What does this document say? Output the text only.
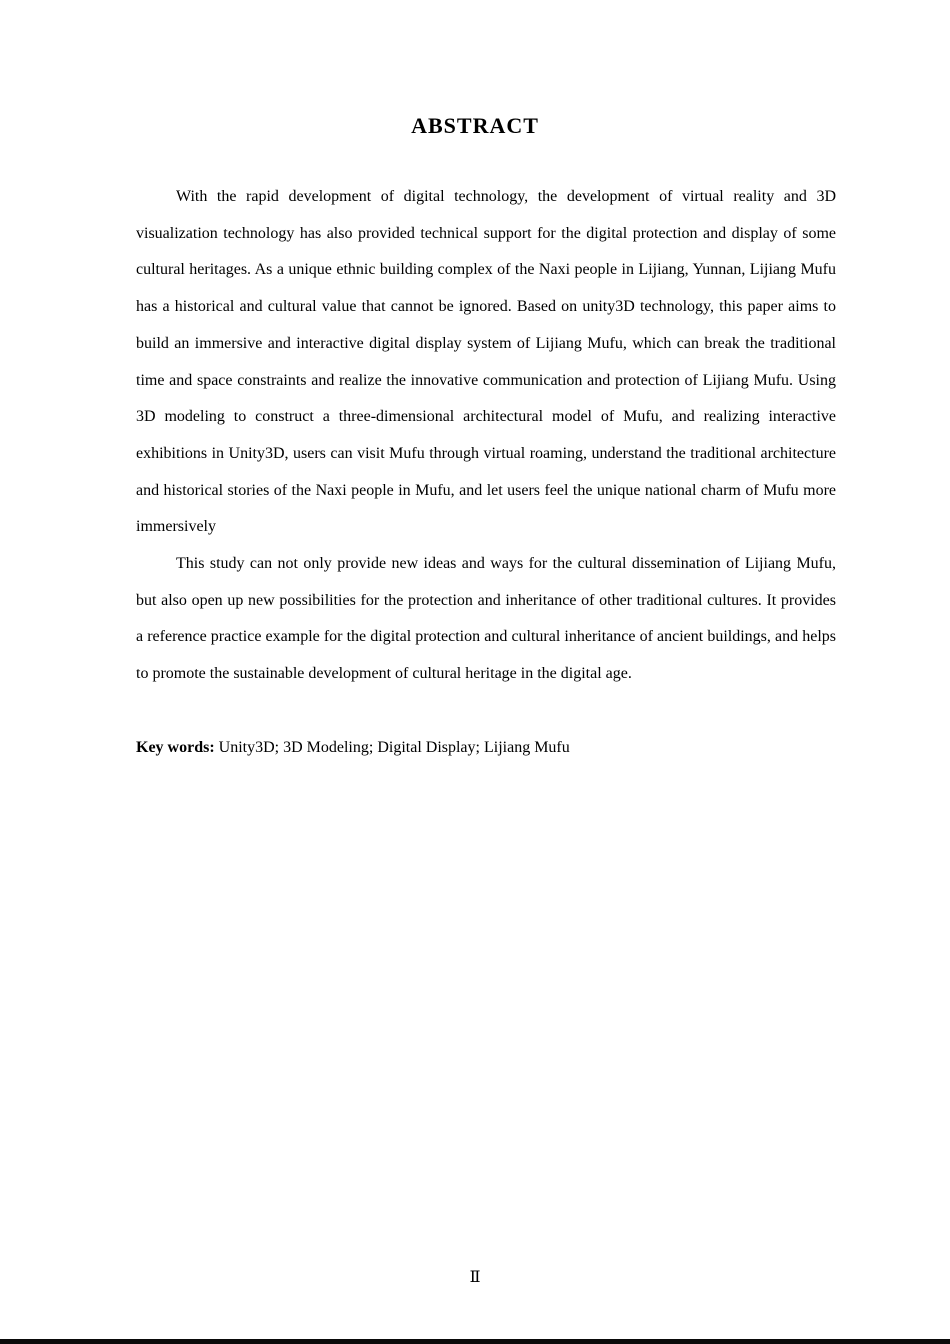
ABSTRACT

With the rapid development of digital technology, the development of virtual reality and 3D visualization technology has also provided technical support for the digital protection and display of some cultural heritages. As a unique ethnic building complex of the Naxi people in Lijiang, Yunnan, Lijiang Mufu has a historical and cultural value that cannot be ignored. Based on unity3D technology, this paper aims to build an immersive and interactive digital display system of Lijiang Mufu, which can break the traditional time and space constraints and realize the innovative communication and protection of Lijiang Mufu. Using 3D modeling to construct a three-dimensional architectural model of Mufu, and realizing interactive exhibitions in Unity3D, users can visit Mufu through virtual roaming, understand the traditional architecture and historical stories of the Naxi people in Mufu, and let users feel the unique national charm of Mufu more immersively

This study can not only provide new ideas and ways for the cultural dissemination of Lijiang Mufu, but also open up new possibilities for the protection and inheritance of other traditional cultures. It provides a reference practice example for the digital protection and cultural inheritance of ancient buildings, and helps to promote the sustainable development of cultural heritage in the digital age.

Key words: Unity3D; 3D Modeling; Digital Display; Lijiang Mufu

Ⅱ
